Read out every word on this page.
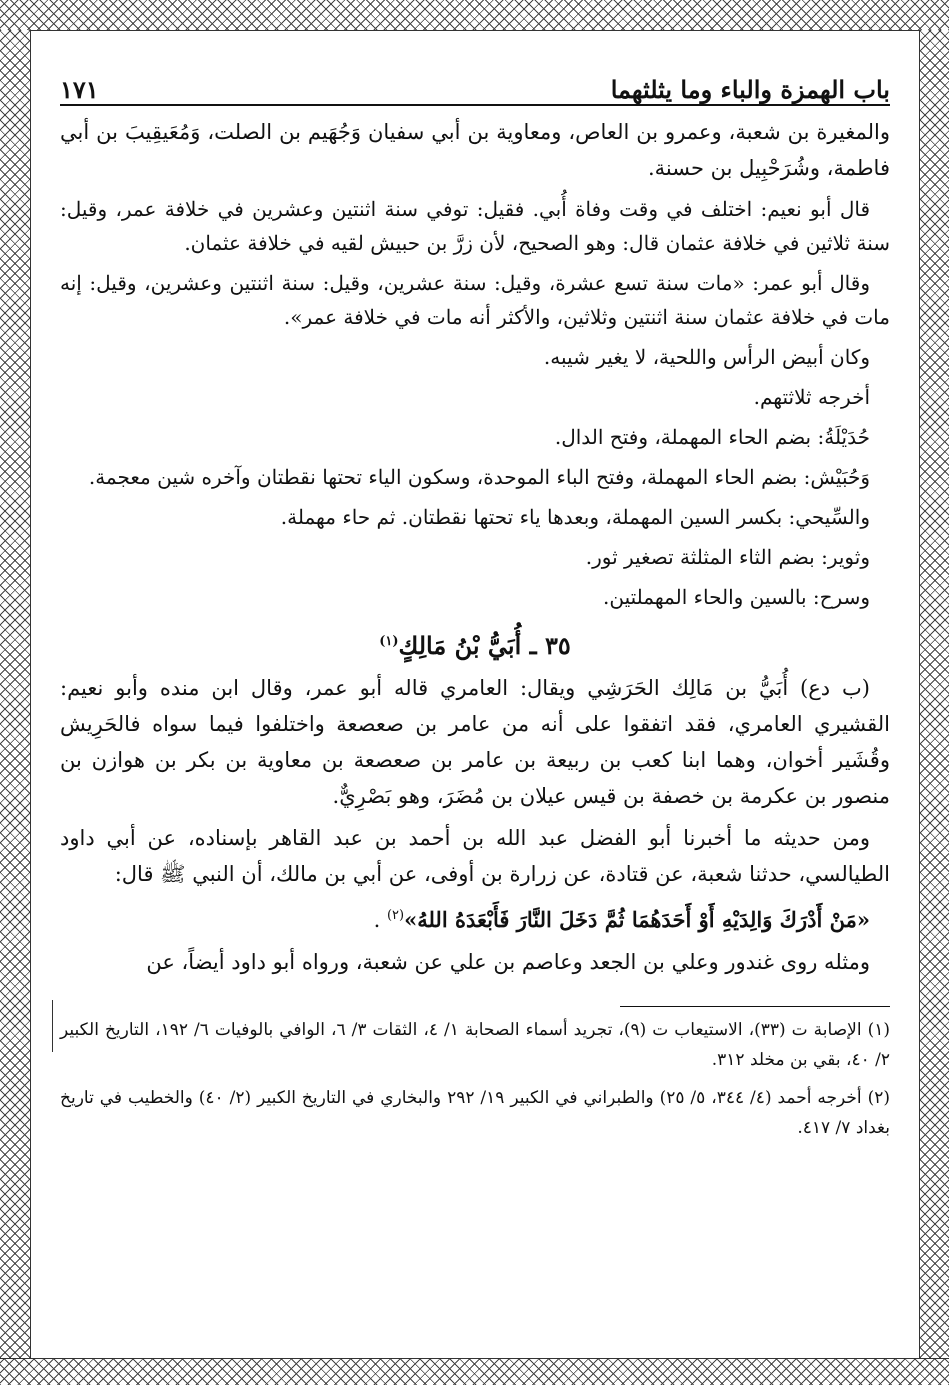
باب الهمزة والباء وما يثلثهما
١٧١

والمغيرة بن شعبة، وعمرو بن العاص، ومعاوية بن أبي سفيان وَجُهَيم بن الصلت، وَمُعَيقِيبَ بن أبي فاطمة، وشُرَحْبِيل بن حسنة.

قال أبو نعيم: اختلف في وقت وفاة أُبي. فقيل: توفي سنة اثنتين وعشرين في خلافة عمر، وقيل: سنة ثلاثين في خلافة عثمان قال: وهو الصحيح، لأن زرَّ بن حبيش لقيه في خلافة عثمان.

وقال أبو عمر: «مات سنة تسع عشرة، وقيل: سنة عشرين، وقيل: سنة اثنتين وعشرين، وقيل: إنه مات في خلافة عثمان سنة اثنتين وثلاثين، والأكثر أنه مات في خلافة عمر».

وكان أبيض الرأس واللحية، لا يغير شيبه.

أخرجه ثلاثتهم.

حُدَيْلَةُ: بضم الحاء المهملة، وفتح الدال.

وَحُبَيْش: بضم الحاء المهملة، وفتح الباء الموحدة، وسكون الياء تحتها نقطتان وآخره شين معجمة.

والسِّيحي: بكسر السين المهملة، وبعدها ياء تحتها نقطتان. ثم حاء مهملة.

وثوير: بضم الثاء المثلثة تصغير ثور.

وسرح: بالسين والحاء المهملتين.

٣٥ ـ أُبَيُّ بْنُ مَالِكٍ$^{(١)}$

(ب دع) أُبَيُّ بن مَالِك الحَرَشِي ويقال: العامري قاله أبو عمر، وقال ابن منده وأبو نعيم: القشيري العامري، فقد اتفقوا على أنه من عامر بن صعصعة واختلفوا فيما سواه فالحَرِيش وقُشَير أخوان، وهما ابنا كعب بن ربيعة بن عامر بن صعصعة بن معاوية بن بكر بن هوازن بن منصور بن عكرمة بن خصفة بن قيس عيلان بن مُضَرَ، وهو بَصْرِيٌّ.

ومن حديثه ما أخبرنا أبو الفضل عبد الله بن أحمد بن عبد القاهر بإسناده، عن أبي داود الطيالسي، حدثنا شعبة، عن قتادة، عن زرارة بن أوفى، عن أبي بن مالك، أن النبي ﷺ قال:

«مَنْ أَدْرَكَ وَالِدَيْهِ أَوْ أَحَدَهُمَا ثُمَّ دَخَلَ النَّارَ فَأَبْعَدَهُ اللهُ»$^{(٢)}$ .

ومثله روى غندور وعلي بن الجعد وعاصم بن علي عن شعبة، ورواه أبو داود أيضاً، عن

(١) الإصابة ت (٣٣)، الاستيعاب ت (٩)، تجريد أسماء الصحابة ١/ ٤، الثقات ٣/ ٦، الوافي بالوفيات ٦/ ١٩٢، التاريخ الكبير ٢/ ٤٠، بقي بن مخلد ٣١٢.

(٢) أخرجه أحمد (٤/ ٣٤٤، ٥/ ٢٥) والطبراني في الكبير ١٩/ ٢٩٢ والبخاري في التاريخ الكبير (٢/ ٤٠) والخطيب في تاريخ بغداد ٧/ ٤١٧.
